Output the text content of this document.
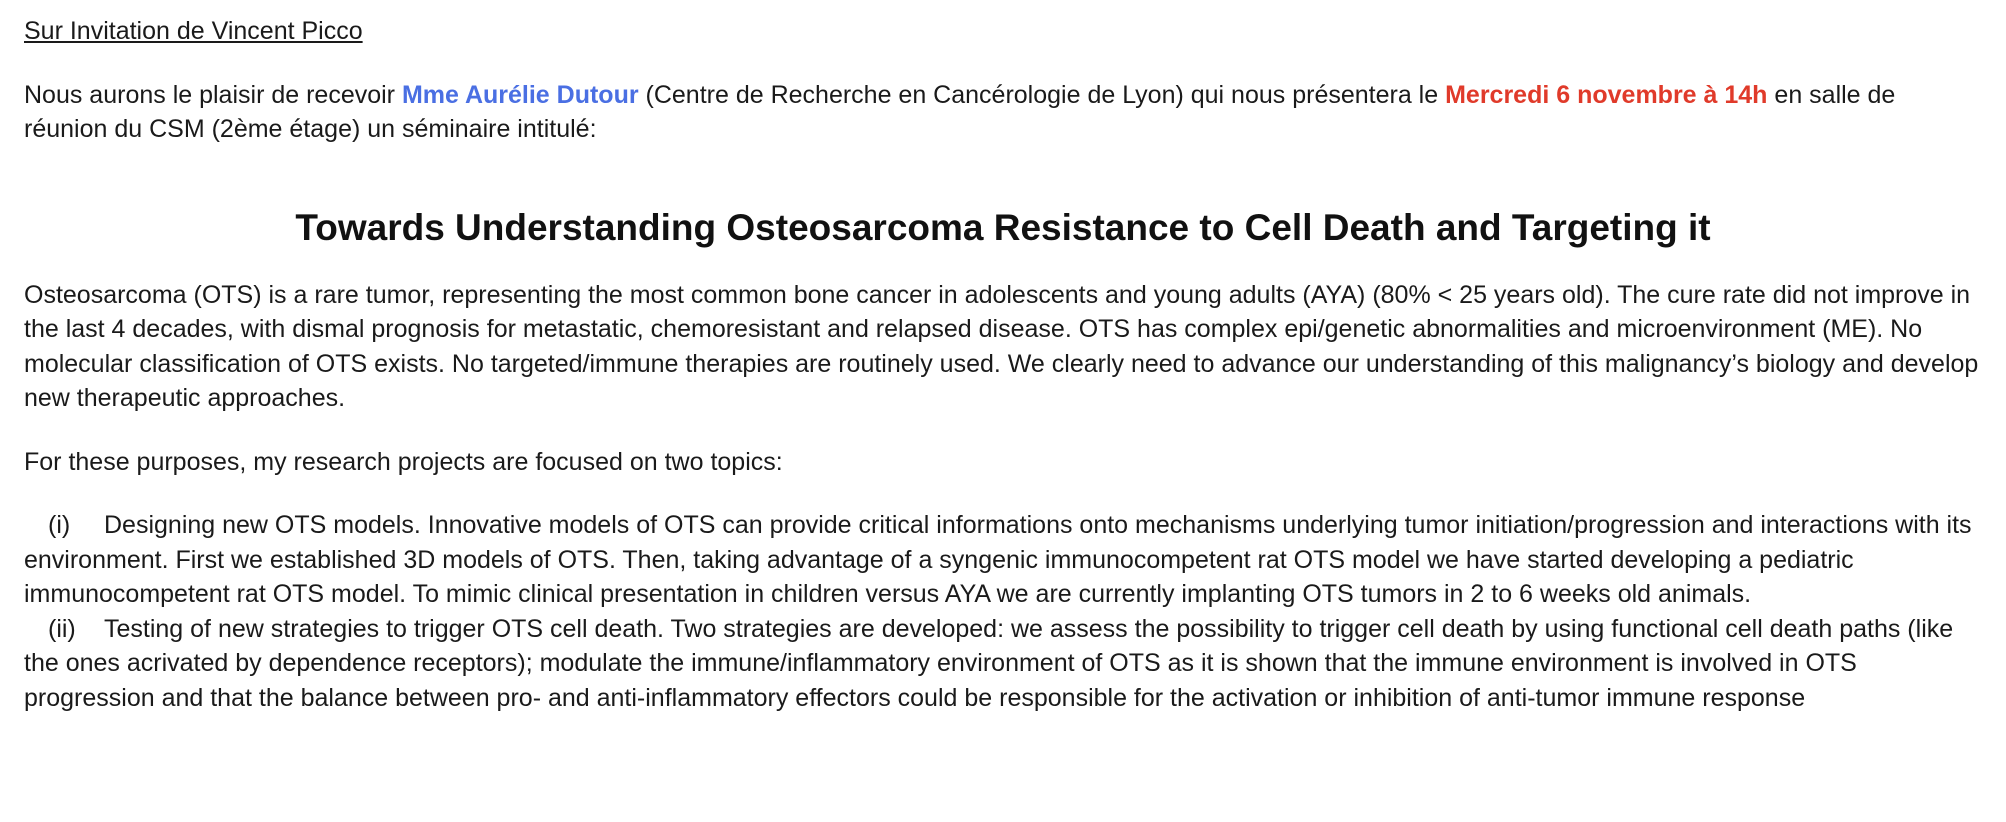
Sur Invitation de Vincent Picco

Nous aurons le plaisir de recevoir Mme Aurélie Dutour (Centre de Recherche en Cancérologie de Lyon) qui nous présentera le Mercredi 6 novembre à 14h en salle de réunion du CSM (2ème étage) un séminaire intitulé:

Towards Understanding Osteosarcoma Resistance to Cell Death and Targeting it

Osteosarcoma (OTS) is a rare tumor, representing the most common bone cancer in adolescents and young adults (AYA) (80% < 25 years old). The cure rate did not improve in the last 4 decades, with dismal prognosis for metastatic, chemoresistant and relapsed disease. OTS has complex epi/genetic abnormalities and microenvironment (ME). No molecular classification of OTS exists. No targeted/immune therapies are routinely used. We clearly need to advance our understanding of this malignancy’s biology and develop new therapeutic approaches.

For these purposes, my research projects are focused on two topics:

(i) Designing new OTS models. Innovative models of OTS can provide critical informations onto mechanisms underlying tumor initiation/progression and interactions with its environment. First we established 3D models of OTS. Then, taking advantage of a syngenic immunocompetent rat OTS model we have started developing a pediatric immunocompetent rat OTS model. To mimic clinical presentation in children versus AYA we are currently implanting OTS tumors in 2 to 6 weeks old animals.
(ii) Testing of new strategies to trigger OTS cell death. Two strategies are developed: we assess the possibility to trigger cell death by using functional cell death paths (like the ones acrivated by dependence receptors); modulate the immune/inflammatory environment of OTS as it is shown that the immune environment is involved in OTS progression and that the balance between pro- and anti-inflammatory effectors could be responsible for the activation or inhibition of anti-tumor immune response
